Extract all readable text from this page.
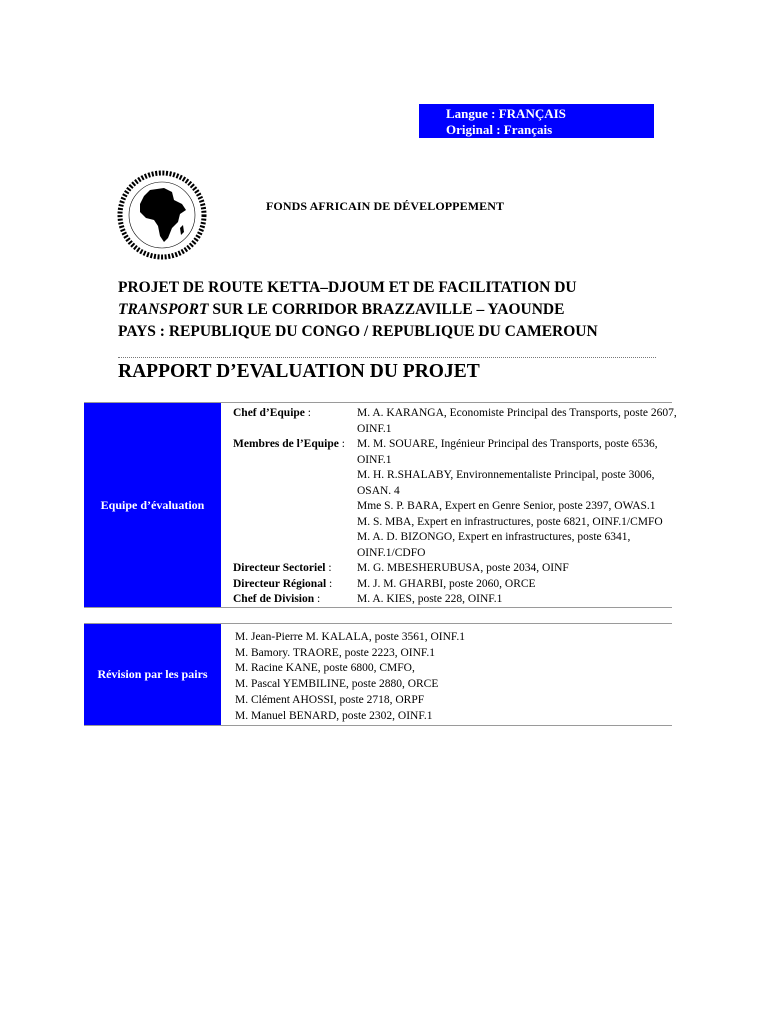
Langue : FRANÇAIS
Original : Français
FONDS AFRICAIN DE DÉVELOPPEMENT
PROJET DE ROUTE KETTA–DJOUM ET DE FACILITATION DU
TRANSPORT SUR LE CORRIDOR BRAZZAVILLE – YAOUNDE
PAYS : REPUBLIQUE DU CONGO / REPUBLIQUE DU CAMEROUN
RAPPORT D’EVALUATION DU PROJET
Equipe d’évaluation
Chef d’Equipe :	M. A. KARANGA, Economiste Principal des Transports, poste 2607,
OINF.1
Membres de l’Equipe : M. M. SOUARE, Ingénieur Principal des Transports, poste 6536,
OINF.1
M. H. R.SHALABY, Environnementaliste Principal, poste 3006,
OSAN. 4
Mme S. P. BARA, Expert en Genre Senior, poste 2397, OWAS.1
M. S. MBA, Expert en infrastructures, poste 6821, OINF.1/CMFO
M. A. D. BIZONGO, Expert en infrastructures, poste 6341,
OINF.1/CDFO
Directeur Sectoriel : M. G. MBESHERUBUSA, poste 2034, OINF
Directeur Régional : M. J. M. GHARBI, poste 2060, ORCE
Chef de Division :	M. A. KIES, poste 228, OINF.1
Révision par les pairs
M. Jean-Pierre M. KALALA, poste 3561, OINF.1
M. Bamory. TRAORE, poste 2223, OINF.1
M. Racine KANE, poste 6800, CMFO,
M. Pascal YEMBILINE, poste 2880, ORCE
M. Clément AHOSSI, poste 2718, ORPF
M. Manuel BENARD, poste 2302, OINF.1
